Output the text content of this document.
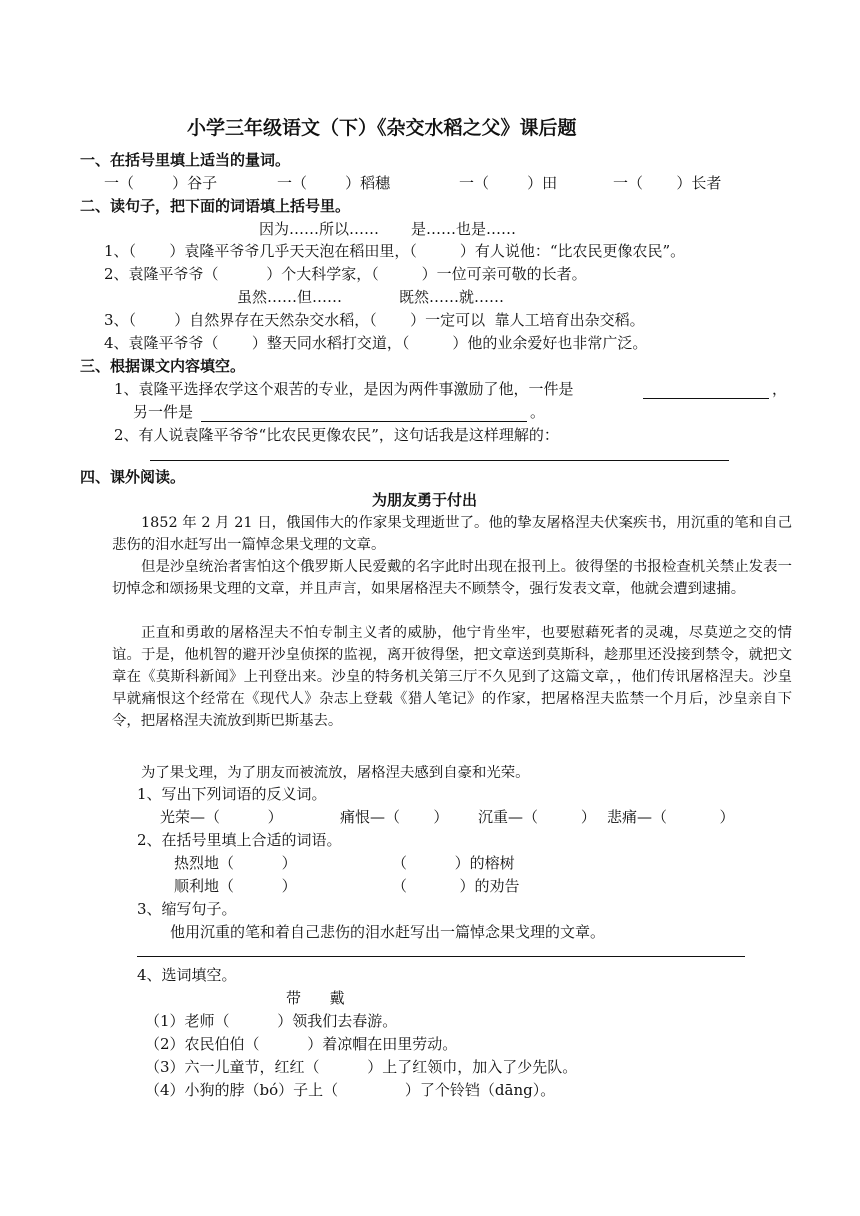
小学三年级语文（下）《杂交水稻之父》课后题
一、在括号里填上适当的量词。
一（        ）谷子	一（        ）稻穗	一（        ）田	一（       ）长者
二、读句子，把下面的词语填上括号里。
因为……所以…… 是……也是……
1、（       ）袁隆平爷爷几乎天天泡在稻田里，（         ）有人说他：“比农民更像农民”。
2、袁隆平爷爷（          ）个大科学家，（         ）一位可亲可敬的长者。
虽然……但……	既然……就……
3、（        ）自然界存在天然杂交水稻，（       ）一定可以  靠人工培育出杂交稻。
4、袁隆平爷爷（       ）整天同水稻打交道，（         ）他的业余爱好也非常广泛。
三、根据课文内容填空。
1、袁隆平选择农学这个艰苦的专业，是因为两件事激励了他，一件是	，
另一件是	。
2、有人说袁隆平爷爷“比农民更像农民”，这句话我是这样理解的：
四、课外阅读。
为朋友勇于付出
1852 年 2 月 21 日，俄国伟大的作家果戈理逝世了。他的挚友屠格涅夫伏案疾书，用沉重的笔和自己悲伤的泪水赶写出一篇悼念果戈理的文章。
但是沙皇统治者害怕这个俄罗斯人民爱戴的名字此时出现在报刊上。彼得堡的书报检查机关禁止发表一切悼念和颂扬果戈理的文章，并且声言，如果屠格涅夫不顾禁令，强行发表文章，他就会遭到逮捕。
正直和勇敢的屠格涅夫不怕专制主义者的威胁，他宁肯坐牢，也要慰藉死者的灵魂，尽莫逆之交的情谊。于是，他机智的避开沙皇侦探的监视，离开彼得堡，把文章送到莫斯科，趁那里还没接到禁令，就把文章在《莫斯科新闻》上刊登出来。沙皇的特务机关第三厅不久见到了这篇文章，，他们传讯屠格涅夫。沙皇早就痛恨这个经常在《现代人》杂志上登载《猎人笔记》的作家，把屠格涅夫监禁一个月后，沙皇亲自下令，把屠格涅夫流放到斯巴斯基去。
为了果戈理，为了朋友而被流放，屠格涅夫感到自豪和光荣。
1、写出下列词语的反义词。
光荣—（          ）	痛恨—（       ） 沉重—（         ） 悲痛—（           ）
2、在括号里填上合适的词语。
热烈地（          ）	（          ）的榕树
顺利地（          ）	（           ）的劝告
3、缩写句子。
他用沉重的笔和着自己悲伤的泪水赶写出一篇悼念果戈理的文章。
4、选词填空。
带      戴
（1）老师（          ）领我们去春游。
（2）农民伯伯（          ）着凉帽在田里劳动。
（3）六一儿童节，红红（          ）上了红领巾，加入了少先队。
（4）小狗的脖（bó）子上（              ）了个铃铛（dāng）。
